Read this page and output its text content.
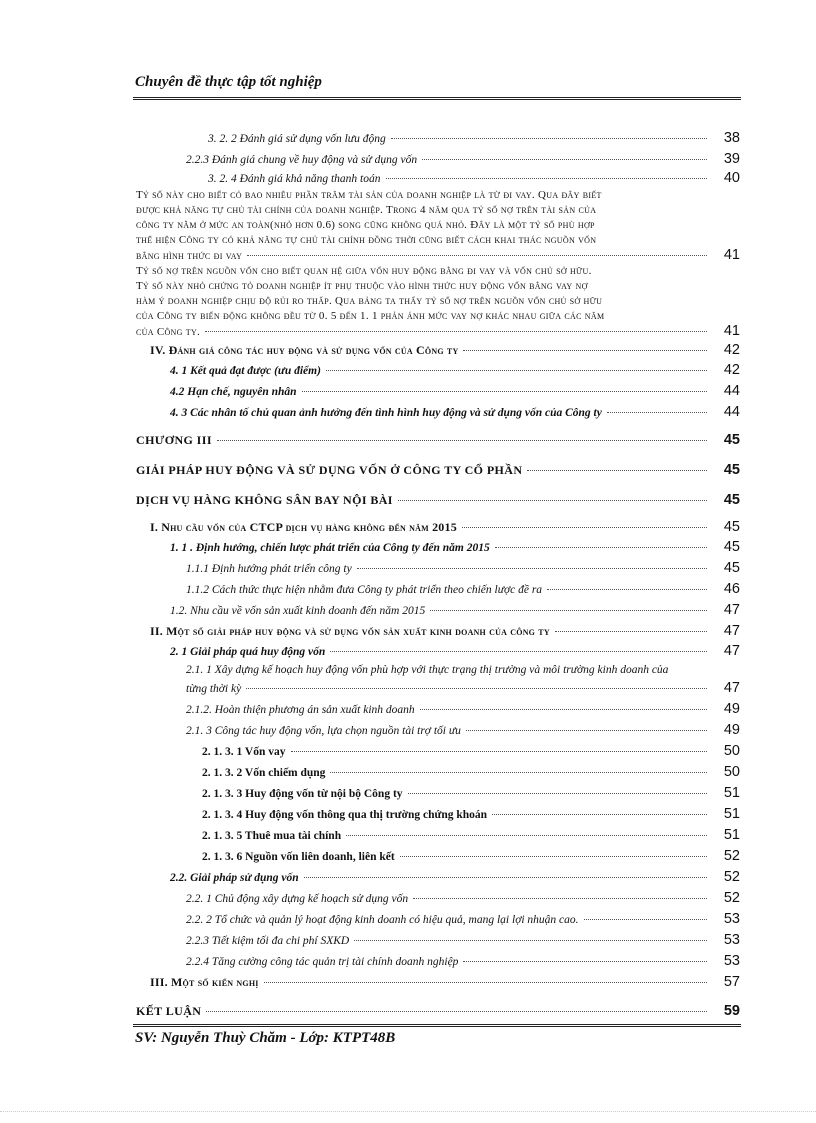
Chuyên đề thực tập tốt nghiệp
3. 2. 2 Đánh giá sử dụng vốn lưu động	38
2.2.3 Đánh giá chung về huy động và sử dụng vốn	39
3. 2. 4 Đánh giá khả năng thanh toán	40

Tỷ số này cho biết có bao nhiêu phần trăm tài sản của doanh nghiệp là từ đi vay. Qua đây biết

được khả năng tự chủ tài chính của doanh nghiệp. Trong 4 năm qua tỷ số nợ trên tài sản của

công ty nằm ở mức an toàn(nhỏ hơn 0.6) song cũng không quá nhỏ. Đây là một tỷ số phù hợp

thể hiện Công ty có khả năng tự chủ tài chính đồng thời cũng biết cách khai thác nguồn vốn

bằng hình thức đi vay	41

Tỷ số nợ trên nguồn vốn cho biết quan hệ giữa vốn huy động bằng đi vay và vốn chủ sở hữu.

Tỷ số này nhỏ chứng tỏ doanh nghiệp ít phụ thuộc vào hình thức huy động vốn bằng vay nợ

hàm ý doanh nghiệp chịu độ rủi ro thấp. Qua bảng ta thấy tỷ số nợ trên nguồn vốn chủ sở hữu

của Công ty biến động không đều từ 0. 5 đến 1. 1 phản ánh mức vay nợ khác nhau giữa các năm

của Công ty.	41
IV. Đánh giá công tác huy động và sử dụng vốn của Công ty	42
4. 1 Kết quả đạt được (ưu điểm)	42
4.2 Hạn chế, nguyên nhân	44
4. 3 Các nhân tố chủ quan ảnh hưởng đến tình hình huy động và sử dụng vốn của Công ty	44
CHƯƠNG III	45
GIẢI PHÁP HUY ĐỘNG VÀ SỬ DỤNG VỐN Ở CÔNG TY CỔ PHẦN	45
DỊCH VỤ HÀNG KHÔNG SÂN BAY NỘI BÀI	45
I. Nhu cầu vốn của CTCP dịch vụ hàng không đến năm 2015	45
1. 1 . Định hướng, chiến lược phát triển của Công ty đến năm 2015	45
1.1.1 Định hướng phát triển công ty	45
1.1.2 Cách thức thực hiện nhằm đưa Công ty phát triển theo chiến lược đề ra	46
1.2. Nhu cầu về vốn sản xuất kinh doanh đến năm 2015	47
II. Một số giải pháp huy động và sử dụng vốn sản xuất kinh doanh của công ty	47
2. 1 Giải pháp quá huy động vốn	47
2.1. 1 Xây dựng kế hoạch huy động vốn phù hợp với thực trạng thị trường và môi trường kinh doanh của
từng thời kỳ	47
2.1.2. Hoàn thiện phương án sản xuất kinh doanh	49
2.1. 3 Công tác huy động vốn, lựa chọn nguồn tài trợ tối ưu	49
2. 1. 3. 1 Vốn vay	50
2. 1. 3. 2 Vốn chiếm dụng	50
2. 1. 3. 3 Huy động vốn từ nội bộ Công ty	51
2. 1. 3. 4 Huy động vốn thông qua thị trường chứng khoán	51
2. 1. 3. 5 Thuê mua tài chính	51
2. 1. 3. 6 Nguồn vốn liên doanh, liên kết	52
2.2. Giải pháp sử dụng vốn	52
2.2. 1 Chủ động xây dựng kế hoạch sử dụng vốn	52
2.2. 2 Tổ chức và quản lý hoạt động kinh doanh có hiệu quả, mang lại lợi nhuận cao.	53
2.2.3 Tiết kiệm tối đa chi phí SXKD	53
2.2.4 Tăng cường công tác quản trị tài chính doanh nghiệp	53
III. Một số kiến nghị	57
KẾT LUẬN	59
SV: Nguyễn Thuỳ Chăm - Lớp: KTPT48B
